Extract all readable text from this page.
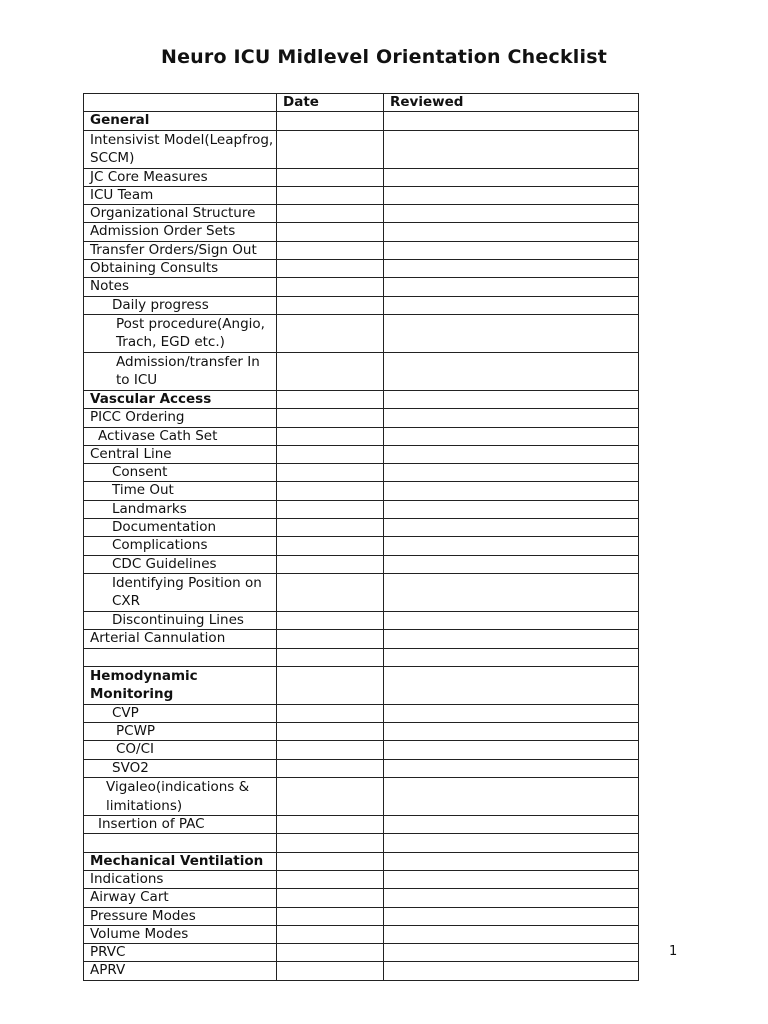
Neuro ICU Midlevel Orientation Checklist
	Date	Reviewed
General		
Intensivist Model(Leapfrog, SCCM)		
JC Core Measures		
ICU Team		
Organizational Structure		
Admission Order Sets		
Transfer Orders/Sign Out		
Obtaining Consults		
Notes		
Daily progress		
Post procedure(Angio, Trach, EGD etc.)		
Admission/transfer In to ICU		
Vascular Access		
PICC Ordering		
Activase Cath Set		
Central Line		
Consent		
Time Out		
Landmarks		
Documentation		
Complications		
CDC Guidelines		
Identifying Position on CXR		
Discontinuing Lines		
Arterial Cannulation		

Hemodynamic Monitoring		
CVP		
PCWP		
CO/CI		
SVO2		
Vigaleo(indications & limitations)		
Insertion of PAC		

Mechanical Ventilation		
Indications		
Airway Cart		
Pressure Modes		
Volume Modes		
PRVC		
APRV		
1
